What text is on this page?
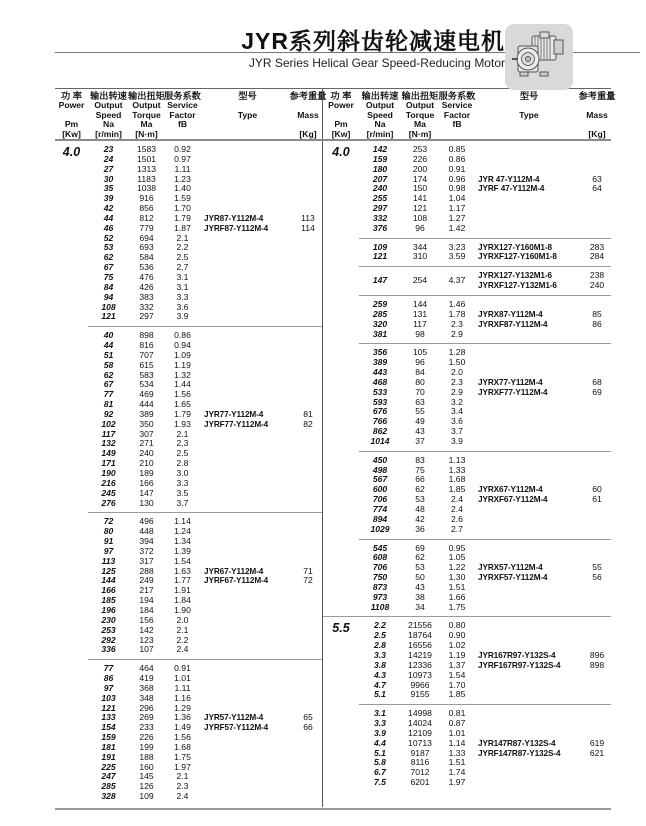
JYR系列斜齿轮减速电机
JYR Series Helical Gear Speed-Reducing Motor
功 率
Power

Pm
[Kw]
输出转速
Output
Speed
Na
[r/min]
输出扭矩
Output
Torque
Ma
[N·m]
服务系数
Service
Factor
fB

型号

Type

参考重量

Mass

[Kg]
功 率
Power

Pm
[Kw]
输出转速
Output
Speed
Na
[r/min]
输出扭矩
Output
Torque
Ma
[N·m]
服务系数
Service
Factor
fB

型号

Type

参考重量

Mass

[Kg]
4.0	23	1583	0.92
24	1501	0.97
27	1313	1.11
30	1183	1.23
35	1038	1.40
39	916	1.59
42	856	1.70
44	812	1.79	JYR87-Y112M-4	113
46	779	1.87	JYRF87-Y112M-4	114
52	694	2.1
53	693	2.2
62	584	2.5
67	536	2.7
75	476	3.1
84	426	3.1
94	383	3.3
108	332	3.6
121	297	3.9
40	898	0.86
44	816	0.94
51	707	1.09
58	615	1.19
62	583	1.32
67	534	1.44
77	469	1.56
81	444	1.65
92	389	1.79	JYR77-Y112M-4	81
102	350	1.93	JYRF77-Y112M-4	82
117	307	2.1
132	271	2.3
149	240	2.5
171	210	2.8
190	189	3.0
216	166	3.3
245	147	3.5
276	130	3.7
72	496	1.14
80	448	1.24
91	394	1.34
97	372	1.39
113	317	1.54
125	288	1.63	JYR67-Y112M-4	71
144	249	1.77	JYRF67-Y112M-4	72
166	217	1.91
185	194	1.84
196	184	1.90
230	156	2.0
253	142	2.1
292	123	2.2
336	107	2.4
77	464	0.91
86	419	1.01
97	368	1.11
103	348	1.16
121	296	1.29
133	269	1.36	JYR57-Y112M-4	65
154	233	1.49	JYRF57-Y112M-4	66
159	226	1.56
181	199	1.68
191	188	1.75
225	160	1.97
247	145	2.1
285	126	2.3
328	109	2.4
4.0	142	253	0.85
159	226	0.86
180	200	0.91
207	174	0.96	JYR 47-Y112M-4	63
240	150	0.98	JYRF 47-Y112M-4	64
255	141	1.04
297	121	1.17
332	108	1.27
376	96	1.42
109	344	3.23	JYRX127-Y160M1-8	283
121	310	3.59	JYRXF127-Y160M1-8	284
147	254	4.37	JYRX127-Y132M1-6	238
JYRXF127-Y132M1-6	240
259	144	1.46
285	131	1.78	JYRX87-Y112M-4	85
320	117	2.3	JYRXF87-Y112M-4	86
381	98	2.9
356	105	1.28
389	96	1.50
443	84	2.0
468	80	2.3	JYRX77-Y112M-4	68
533	70	2.9	JYRXF77-Y112M-4	69
593	63	3.2
676	55	3.4
766	49	3.6
862	43	3.7
1014	37	3.9
450	83	1.13
498	75	1.33
567	66	1.68
600	62	1.85	JYRX67-Y112M-4	60
706	53	2.4	JYRXF67-Y112M-4	61
774	48	2.4
894	42	2.6
1029	36	2.7
545	69	0.95
608	62	1.05
706	53	1.22	JYRX57-Y112M-4	55
750	50	1.30	JYRXF57-Y112M-4	56
873	43	1.51
973	38	1.66
1108	34	1.75
5.5	2.2	21556	0.80
2.5	18764	0.90
2.8	16556	1.02
3.3	14219	1.19	JYR167R97-Y132S-4	896
3.8	12336	1.37	JYRF167R97-Y132S-4	898
4.3	10973	1.54
4.7	9966	1.70
5.1	9155	1.85
3.1	14998	0.81
3.3	14024	0.87
3.9	12109	1.01
4.4	10713	1.14	JYR147R87-Y132S-4	619
5.1	9187	1.33	JYRF147R87-Y132S-4	621
5.8	8116	1.51
6.7	7012	1.74
7.5	6201	1.97
